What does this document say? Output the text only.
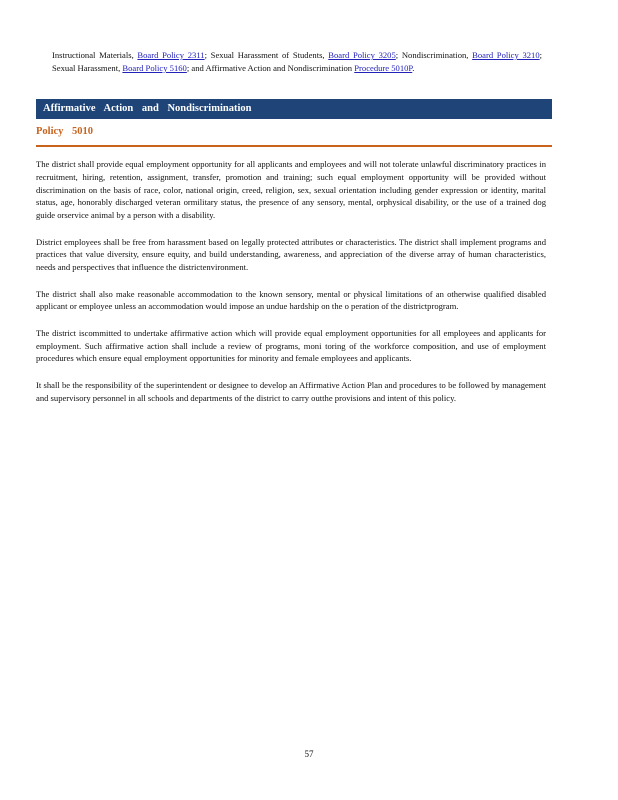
Instructional Materials, Board Policy 2311; Sexual Harassment of Students, Board Policy 3205; Nondiscrimination, Board Policy 3210; Sexual Harassment, Board Policy 5160; and Affirmative Action and Nondiscrimination Procedure 5010P.
Affirmative Action and Nondiscrimination
Policy 5010

The district shall provide equal employment opportunity for all applicants and employees and will not tolerate unlawful discriminatory practices in recruitment, hiring, retention, assignment, transfer, promotion and training; such equal employment opportunity will be provided without discrimination on the basis of race, color, national origin, creed, religion, sex, sexual orientation including gender expression or identity, marital status, age, honorably discharged veteran ormilitary status, the presence of any sensory, mental, orphysical disability, or the use of a trained dog guide orservice animal by a person with a disability.

District employees shall be free from harassment based on legally protected attributes or characteristics. The district shall implement programs and practices that value diversity, ensure equity, and build understanding, awareness, and appreciation of the diverse array of human characteristics, needs and perspectives that influence the districtenvironment.

The district shall also make reasonable accommodation to the known sensory, mental or physical limitations of an otherwise qualified disabled applicant or employee unless an accommodation would impose an undue hardship on the o peration of the districtprogram.

The district iscommitted to undertake affirmative action which will provide equal employment opportunities for all employees and applicants for employment. Such affirmative action shall include a review of programs, moni toring of the workforce composition, and use of employment procedures which ensure equal employment opportunities for minority and female employees and applicants.

It shall be the responsibility of the superintendent or designee to develop an Affirmative Action Plan and procedures to be followed by management and supervisory personnel in all schools and departments of the district to carry outthe provisions and intent of this policy.

57
